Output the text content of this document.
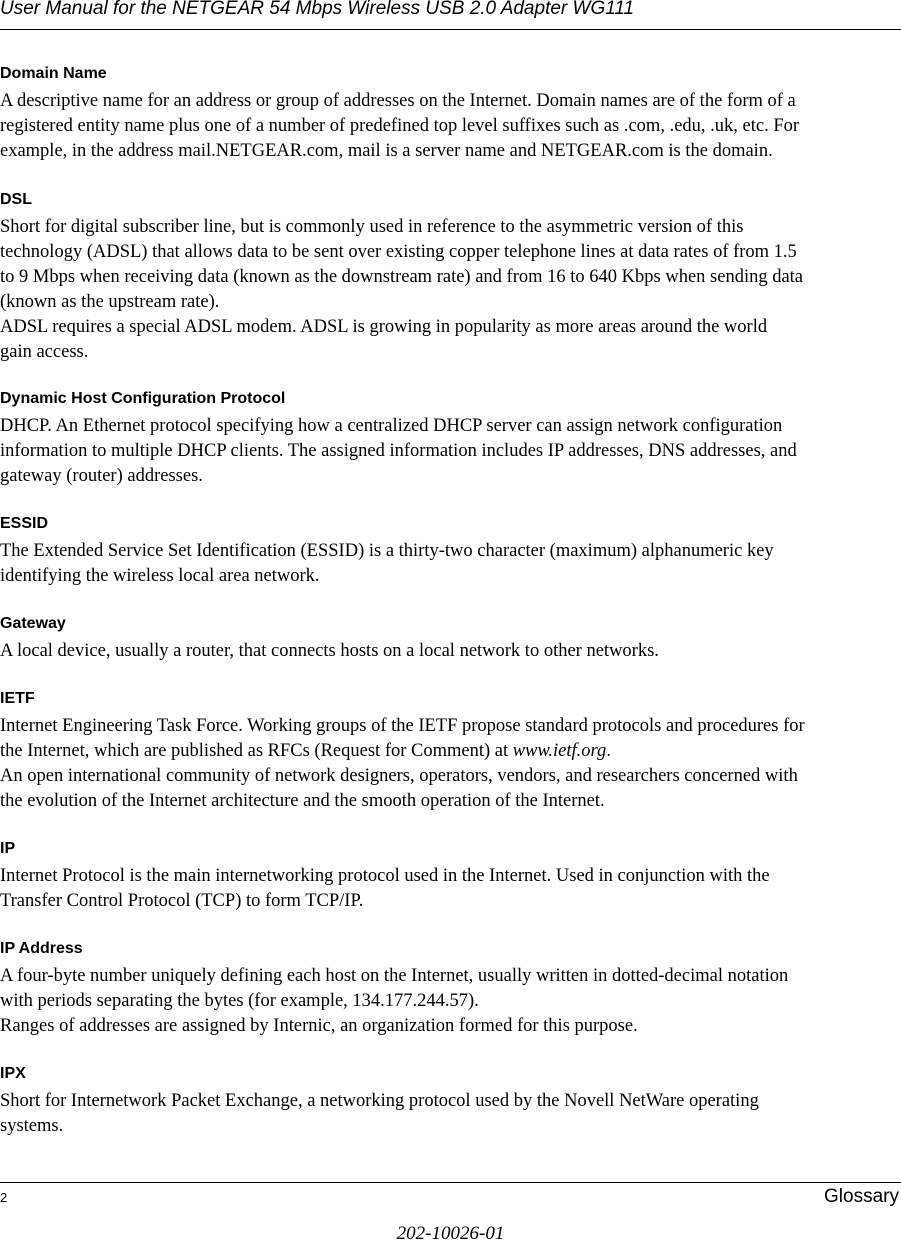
User Manual for the NETGEAR 54 Mbps Wireless USB 2.0 Adapter WG111
Domain Name
A descriptive name for an address or group of addresses on the Internet. Domain names are of the form of a
registered entity name plus one of a number of predefined top level suffixes such as .com, .edu, .uk, etc. For
example, in the address mail.NETGEAR.com, mail is a server name and NETGEAR.com is the domain.
DSL
Short for digital subscriber line, but is commonly used in reference to the asymmetric version of this
technology (ADSL) that allows data to be sent over existing copper telephone lines at data rates of from 1.5
to 9 Mbps when receiving data (known as the downstream rate) and from 16 to 640 Kbps when sending data
(known as the upstream rate).
ADSL requires a special ADSL modem. ADSL is growing in popularity as more areas around the world
gain access.
Dynamic Host Configuration Protocol
DHCP. An Ethernet protocol specifying how a centralized DHCP server can assign network configuration
information to multiple DHCP clients. The assigned information includes IP addresses, DNS addresses, and
gateway (router) addresses.
ESSID
The Extended Service Set Identification (ESSID) is a thirty-two character (maximum) alphanumeric key
identifying the wireless local area network.
Gateway
A local device, usually a router, that connects hosts on a local network to other networks.
IETF
Internet Engineering Task Force. Working groups of the IETF propose standard protocols and procedures for
the Internet, which are published as RFCs (Request for Comment) at www.ietf.org.
An open international community of network designers, operators, vendors, and researchers concerned with
the evolution of the Internet architecture and the smooth operation of the Internet.
IP
Internet Protocol is the main internetworking protocol used in the Internet. Used in conjunction with the
Transfer Control Protocol (TCP) to form TCP/IP.
IP Address
A four-byte number uniquely defining each host on the Internet, usually written in dotted-decimal notation
with periods separating the bytes (for example, 134.177.244.57).
Ranges of addresses are assigned by Internic, an organization formed for this purpose.
IPX
Short for Internetwork Packet Exchange, a networking protocol used by the Novell NetWare operating
systems.
2	Glossary
202-10026-01
